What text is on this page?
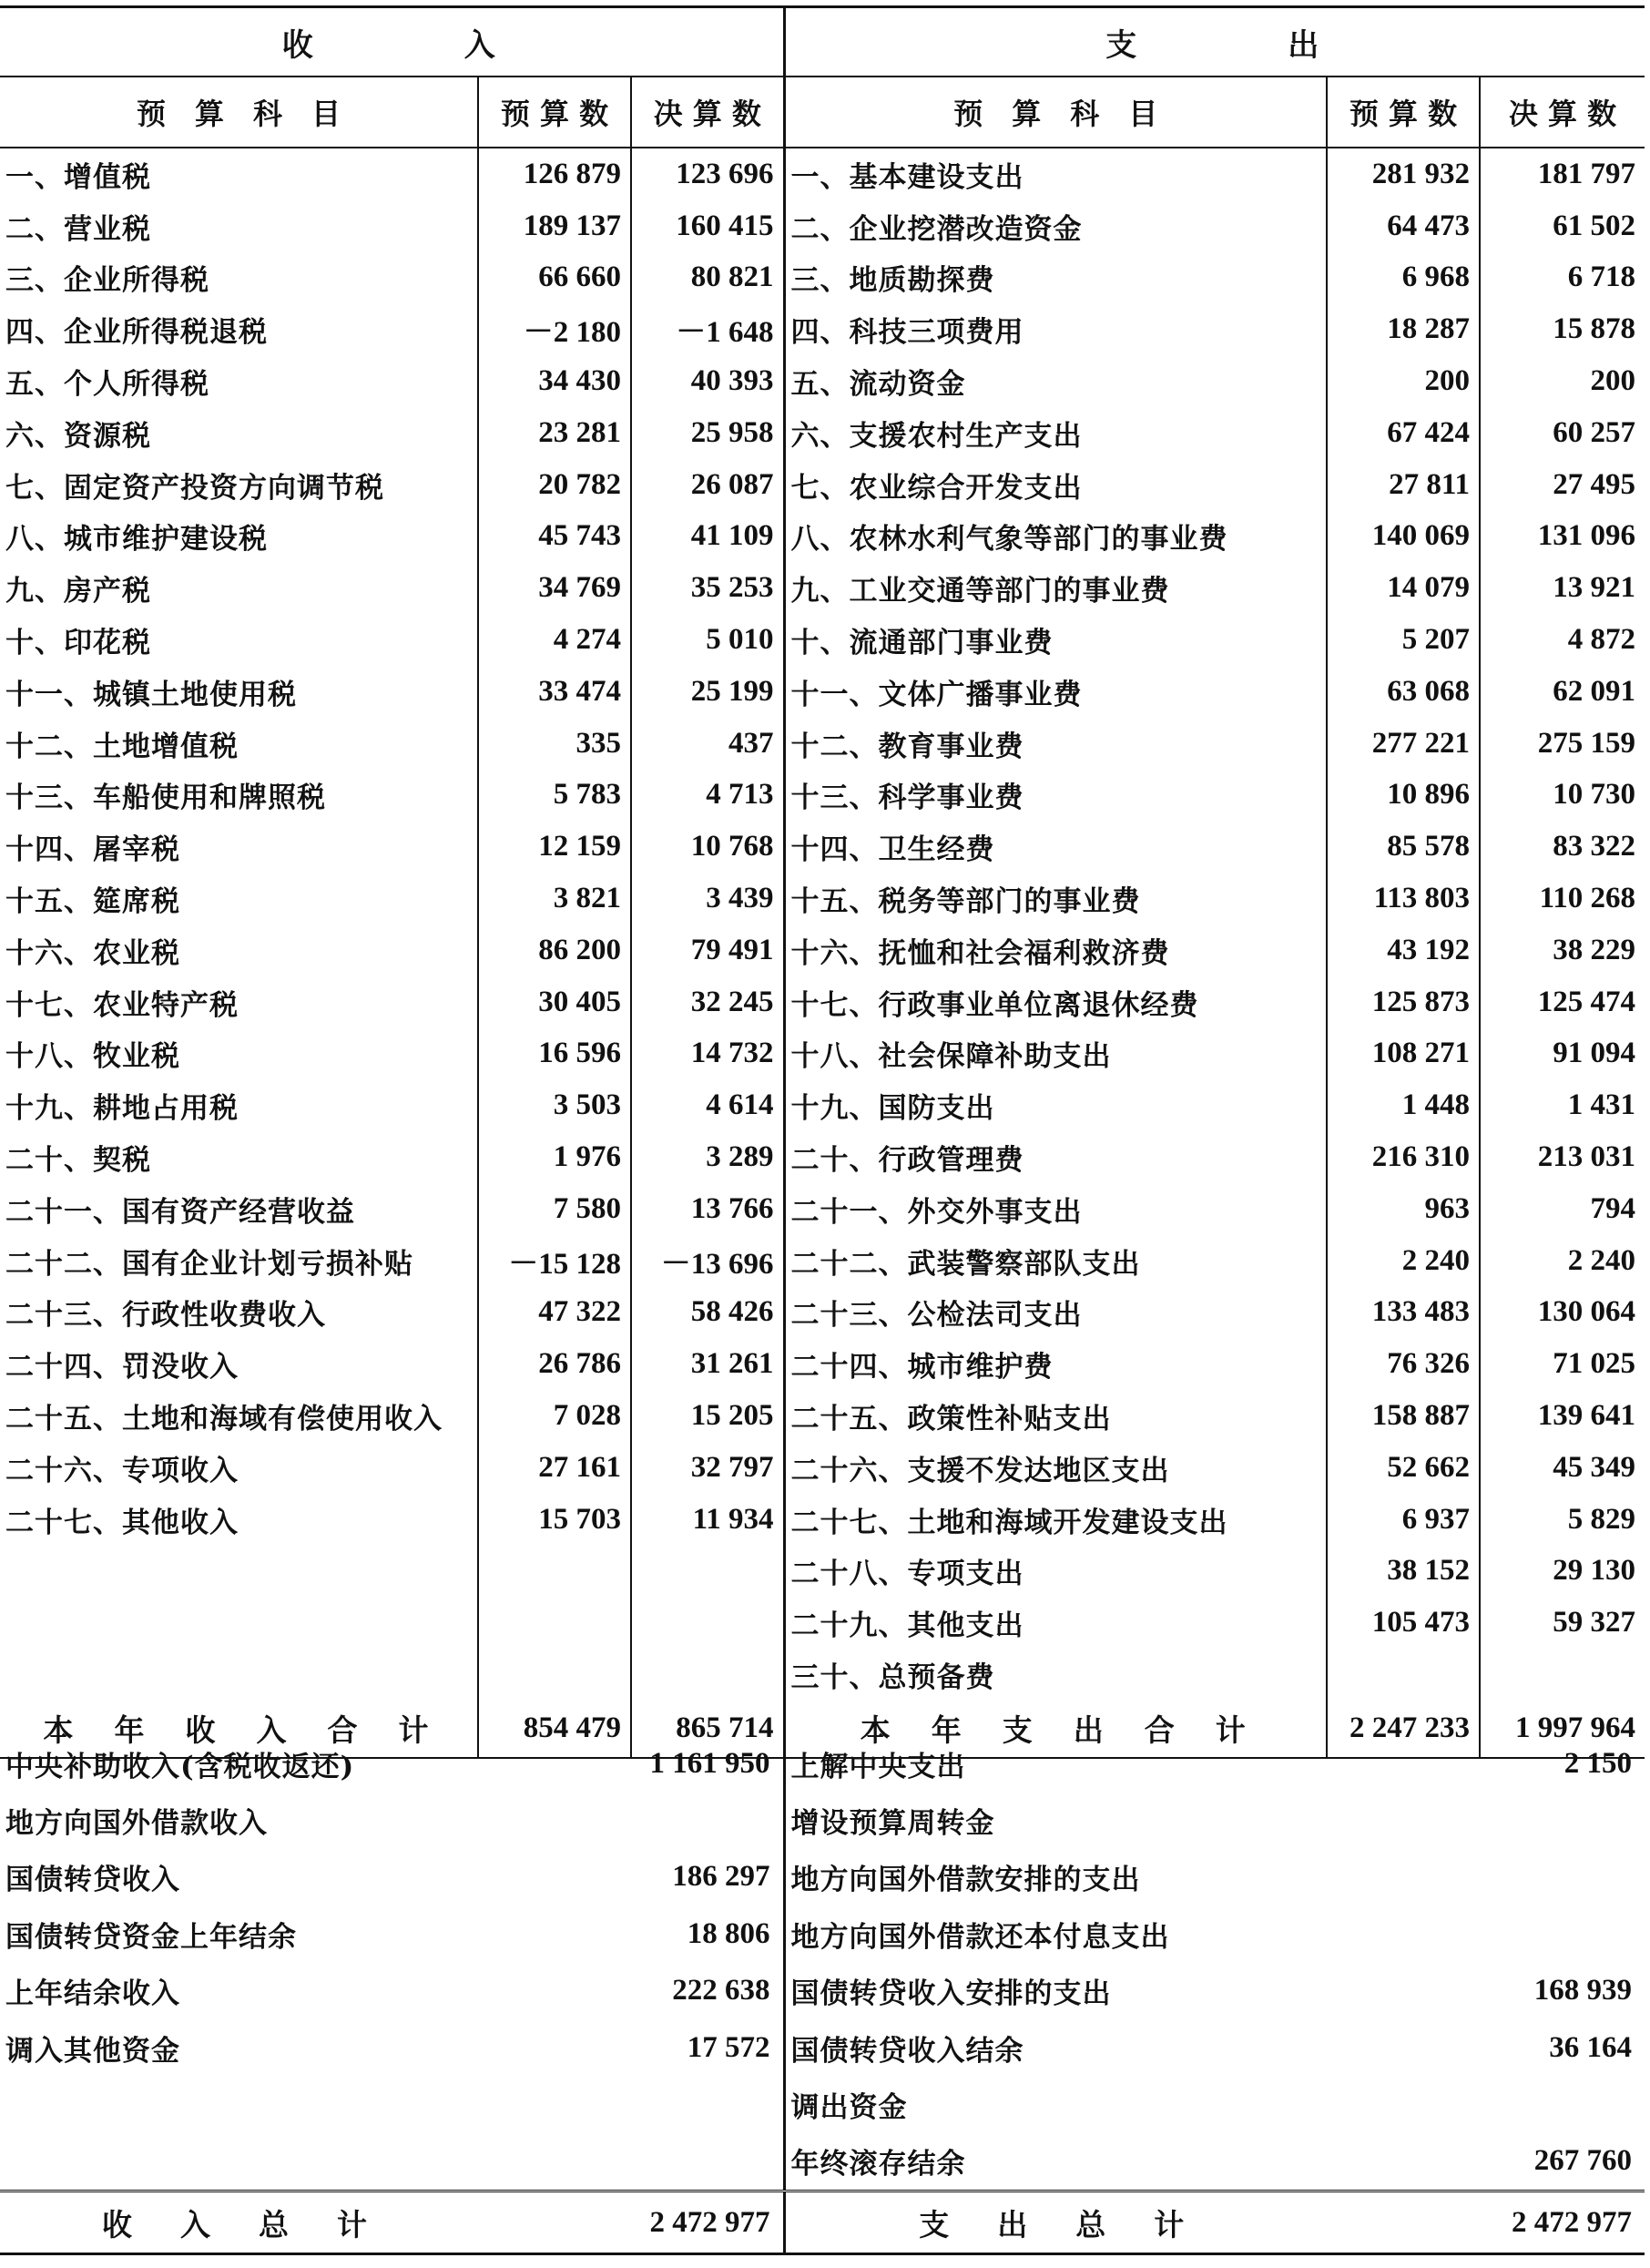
收　　　　入			支　　　　出		
预　算　科　目	预 算 数	决 算 数	预　算　科　目	预 算 数	决 算 数
一、增值税	126 879	123 696	一、基本建设支出	281 932	181 797
二、营业税	189 137	160 415	二、企业挖潜改造资金	64 473	61 502
三、企业所得税	66 660	80 821	三、地质勘探费	6 968	6 718
四、企业所得税退税	－2 180	－1 648	四、科技三项费用	18 287	15 878
五、个人所得税	34 430	40 393	五、流动资金	200	200
六、资源税	23 281	25 958	六、支援农村生产支出	67 424	60 257
七、固定资产投资方向调节税	20 782	26 087	七、农业综合开发支出	27 811	27 495
八、城市维护建设税	45 743	41 109	八、农林水利气象等部门的事业费	140 069	131 096
九、房产税	34 769	35 253	九、工业交通等部门的事业费	14 079	13 921
十、印花税	4 274	5 010	十、流通部门事业费	5 207	4 872
十一、城镇土地使用税	33 474	25 199	十一、文体广播事业费	63 068	62 091
十二、土地增值税	335	437	十二、教育事业费	277 221	275 159
十三、车船使用和牌照税	5 783	4 713	十三、科学事业费	10 896	10 730
十四、屠宰税	12 159	10 768	十四、卫生经费	85 578	83 322
十五、筵席税	3 821	3 439	十五、税务等部门的事业费	113 803	110 268
十六、农业税	86 200	79 491	十六、抚恤和社会福利救济费	43 192	38 229
十七、农业特产税	30 405	32 245	十七、行政事业单位离退休经费	125 873	125 474
十八、牧业税	16 596	14 732	十八、社会保障补助支出	108 271	91 094
十九、耕地占用税	3 503	4 614	十九、国防支出	1 448	1 431
二十、契税	1 976	3 289	二十、行政管理费	216 310	213 031
二十一、国有资产经营收益	7 580	13 766	二十一、外交外事支出	963	794
二十二、国有企业计划亏损补贴	－15 128	－13 696	二十二、武装警察部队支出	2 240	2 240
二十三、行政性收费收入	47 322	58 426	二十三、公检法司支出	133 483	130 064
二十四、罚没收入	26 786	31 261	二十四、城市维护费	76 326	71 025
二十五、土地和海域有偿使用收入	7 028	15 205	二十五、政策性补贴支出	158 887	139 641
二十六、专项收入	27 161	32 797	二十六、支援不发达地区支出	52 662	45 349
二十七、其他收入	15 703	11 934	二十七、土地和海域开发建设支出	6 937	5 829
			二十八、专项支出	38 152	29 130
			二十九、其他支出	105 473	59 327
			三十、总预备费		
本　年　收　入　合　计	854 479	865 714	本　年　支　出　合　计	2 247 233	1 997 964
中央补助收入(含税收返还)	1 161 950	上解中央支出	2 150
地方向国外借款收入		增设预算周转金	
国债转贷收入	186 297	地方向国外借款安排的支出	
国债转贷资金上年结余	18 806	地方向国外借款还本付息支出	
上年结余收入	222 638	国债转贷收入安排的支出	168 939
调入其他资金	17 572	国债转贷收入结余	36 164
		调出资金	
		年终滚存结余	267 760
收　入　总　计	2 472 977	支　出　总　计	2 472 977
